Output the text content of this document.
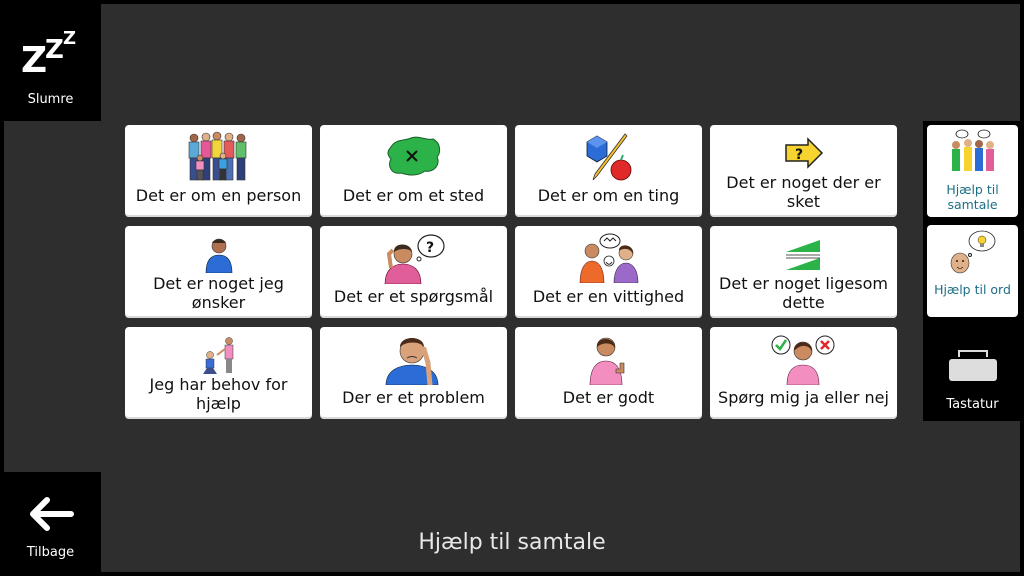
Z
Z Z
Slumre
Tilbage
Det er om en person	Det er om et sted	Det er om en ting
?
Det er noget der er sket
Det er noget jeg ønsker
?
Det er et spørgsmål	Det er en vittighed
Det er noget ligesom dette
Jeg har behov for hjælp	Der er et problem	Det er godt	Spørg mig ja eller nej
Hjælp til samtale
Hjælp til ord
Tastatur
Hjælp til samtale
